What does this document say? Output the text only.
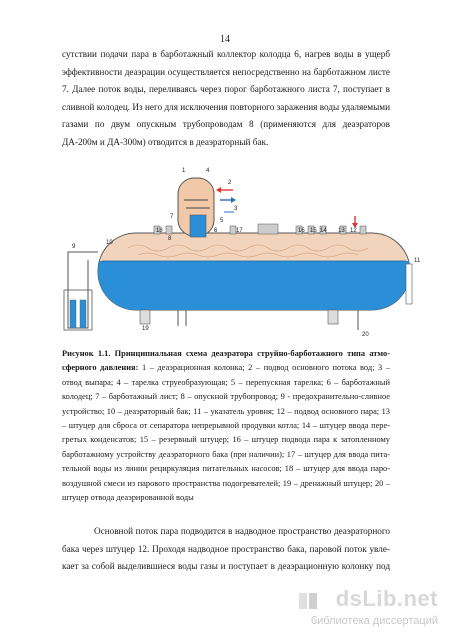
14
сутствии подачи пара в барботажный коллектор колодца 6, нагрев воды в ущерб
эффективности деаэрации осуществляется непосредственно на барботажном листе
7. Далее поток воды, переливаясь через порог барботажного листа 7, поступает в
сливной колодец. Из него для исключения повторного заражения воды удаляемыми
газами по двум опускным трубопроводам 8 (применяются для деаэраторов
ДА-200м и ДА-300м) отводится в деаэраторный бак.
1
2
3
4
5
6
7
8
9
10
11
12
13
14
15
16
17
18
19
20
Рисунок 1.1. Принципиальная схема деаэратора струйно-барботажного типа атмо-
сферного давления: 1 – деаэрационная колонка; 2 – подвод основного потока вод; 3 –
отвод выпара; 4 – тарелка струеобразующая; 5 – перепускная тарелка; 6 – барботажный
колодец; 7 – барботажный лист; 8 – опускной трубопровод; 9 - предохранительно-сливное
устройство; 10 – деаэраторный бак; 11 – указатель уровня; 12 – подвод основного пара; 13
– штуцер для сброса от сепаратора непрерывной продувки котла; 14 – штуцер ввода пере-
гретых конденсатов; 15 – резервный штуцер; 16 – штуцер подвода пара к затопленному
барботажному устройству деаэраторного бака (при наличии); 17 – штуцер для ввода пита-
тельной воды из линии рециркуляция питательных насосов; 18 – штуцер для ввода паро-
воздушной смеси из парового пространства подогревателей; 19 – дренажный штуцер; 20 –
штуцер отвода деаэрированной воды
Основной поток пара подводится в надводное пространство деаэраторного
бака через штуцер 12. Проходя надводное пространство бака, паровой поток увле-
кает за собой выделившиеся воды газы и поступает в деаэрационную колонку под
dsLib.net
библиотека диссертаций
